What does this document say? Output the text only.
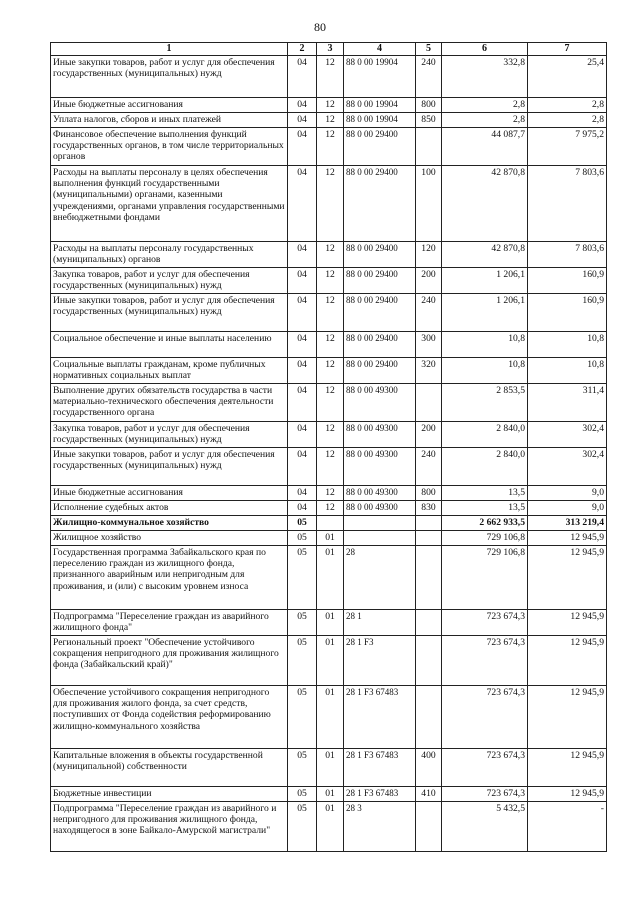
80
1	2	3	4	5	6	7
Иные закупки товаров, работ и услуг для обеспечения государственных (муниципальных) нужд	04	12	88 0 00 19904	240	332,8	25,4
Иные бюджетные ассигнования	04	12	88 0 00 19904	800	2,8	2,8
Уплата налогов, сборов и иных платежей	04	12	88 0 00 19904	850	2,8	2,8
Финансовое обеспечение выполнения функций государственных органов, в том числе территориальных органов	04	12	88 0 00 29400		44 087,7	7 975,2
Расходы на выплаты персоналу в целях обеспечения выполнения функций государственными (муниципальными) органами, казенными учреждениями, органами управления государственными внебюджетными фондами	04	12	88 0 00 29400	100	42 870,8	7 803,6
Расходы на выплаты персоналу государственных (муниципальных) органов	04	12	88 0 00 29400	120	42 870,8	7 803,6
Закупка товаров, работ и услуг для обеспечения государственных (муниципальных) нужд	04	12	88 0 00 29400	200	1 206,1	160,9
Иные закупки товаров, работ и услуг для обеспечения государственных (муниципальных) нужд	04	12	88 0 00 29400	240	1 206,1	160,9
Социальное обеспечение и иные выплаты населению	04	12	88 0 00 29400	300	10,8	10,8
Социальные выплаты гражданам, кроме публичных нормативных социальных выплат	04	12	88 0 00 29400	320	10,8	10,8
Выполнение других обязательств государства в части материально-технического обеспечения деятельности государственного органа	04	12	88 0 00 49300		2 853,5	311,4
Закупка товаров, работ и услуг для обеспечения государственных (муниципальных) нужд	04	12	88 0 00 49300	200	2 840,0	302,4
Иные закупки товаров, работ и услуг для обеспечения государственных (муниципальных) нужд	04	12	88 0 00 49300	240	2 840,0	302,4
Иные бюджетные ассигнования	04	12	88 0 00 49300	800	13,5	9,0
Исполнение судебных актов	04	12	88 0 00 49300	830	13,5	9,0
Жилищно-коммунальное хозяйство	05				2 662 933,5	313 219,4
Жилищное хозяйство	05	01			729 106,8	12 945,9
Государственная программа Забайкальского края по переселению граждан из жилищного фонда, признанного аварийным или непригодным для проживания, и (или) с высоким уровнем износа	05	01	28		729 106,8	12 945,9
Подпрограмма "Переселение граждан из аварийного жилищного фонда"	05	01	28 1		723 674,3	12 945,9
Региональный проект "Обеспечение устойчивого сокращения непригодного для проживания жилищного фонда (Забайкальский край)"	05	01	28 1 F3		723 674,3	12 945,9
Обеспечение устойчивого сокращения непригодного для проживания жилого фонда, за счет средств, поступивших от Фонда содействия реформированию жилищно-коммунального хозяйства	05	01	28 1 F3 67483		723 674,3	12 945,9
Капитальные вложения в объекты государственной (муниципальной) собственности	05	01	28 1 F3 67483	400	723 674,3	12 945,9
Бюджетные инвестиции	05	01	28 1 F3 67483	410	723 674,3	12 945,9
Подпрограмма "Переселение граждан из аварийного и непригодного для проживания жилищного фонда, находящегося в зоне Байкало-Амурской магистрали"	05	01	28 3		5 432,5	-
